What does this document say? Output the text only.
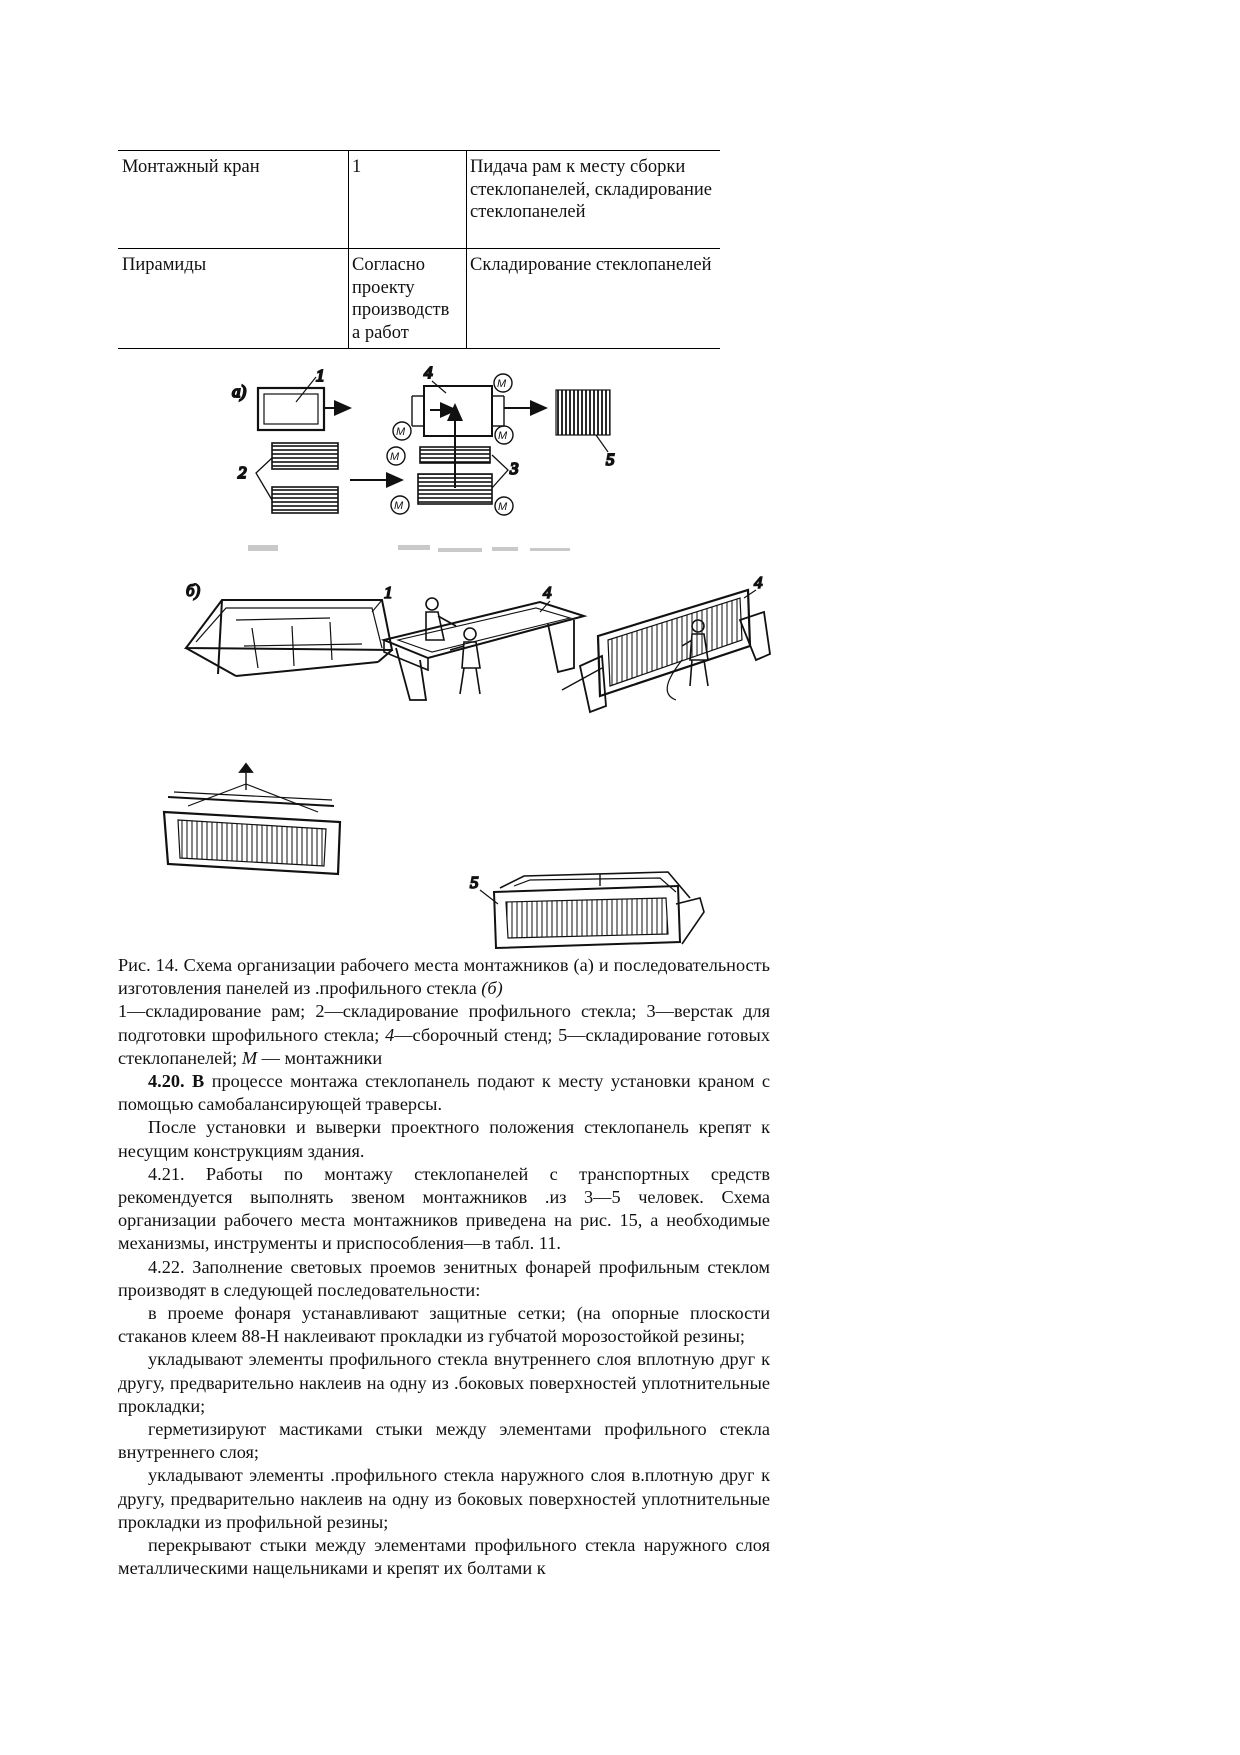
Монтажный кран	1	Пидача рам к месту сборки стеклопанелей, складирование стеклопанелей
Пирамиды	Согласно проекту производств а работ	Складирование стеклопанелей
а)
1
2
4
3	5
М
М	М
М
М	М
б)	1	4
4
5

Рис. 14. Схема организации рабочего места монтажников (а) и последовательность изготовления панелей из .профильного стекла (б)

1—складирование рам; 2—складирование профильного стекла; 3—верстак для подготовки шрофильного стекла; 4—сборочный стенд; 5—складирование готовых стеклопанелей; М — монтажники

4.20. В процессе монтажа стеклопанель подают к месту установки краном с помощью самобалансирующей траверсы.

После установки и выверки проектного положения стеклопанель крепят к несущим конструкциям здания.

4.21. Работы по монтажу стеклопанелей с транспортных средств рекомендуется выполнять звеном монтажников .из 3—5 человек. Схема организации рабочего места монтажников приведена на рис. 15, а необходимые механизмы, инструменты и приспособления—в табл. 11.

4.22. Заполнение световых проемов зенитных фонарей профильным стеклом производят в следующей последовательности:

в проеме фонаря устанавливают защитные сетки; (на опорные плоскости стаканов клеем 88-Н наклеивают прокладки из губчатой морозостойкой резины;

укладывают элементы профильного стекла внутреннего слоя вплотную друг к другу, предварительно наклеив на одну из .боковых поверхностей уплотнительные прокладки;

герметизируют мастиками стыки между элементами профильного стекла внутреннего слоя;

укладывают элементы .профильного стекла наружного слоя в.плотную друг к другу, предварительно наклеив на одну из боковых поверхностей уплотнительные прокладки из профильной резины;

перекрывают стыки между элементами профильного стекла наружного слоя металлическими нащельниками и крепят их болтами к
